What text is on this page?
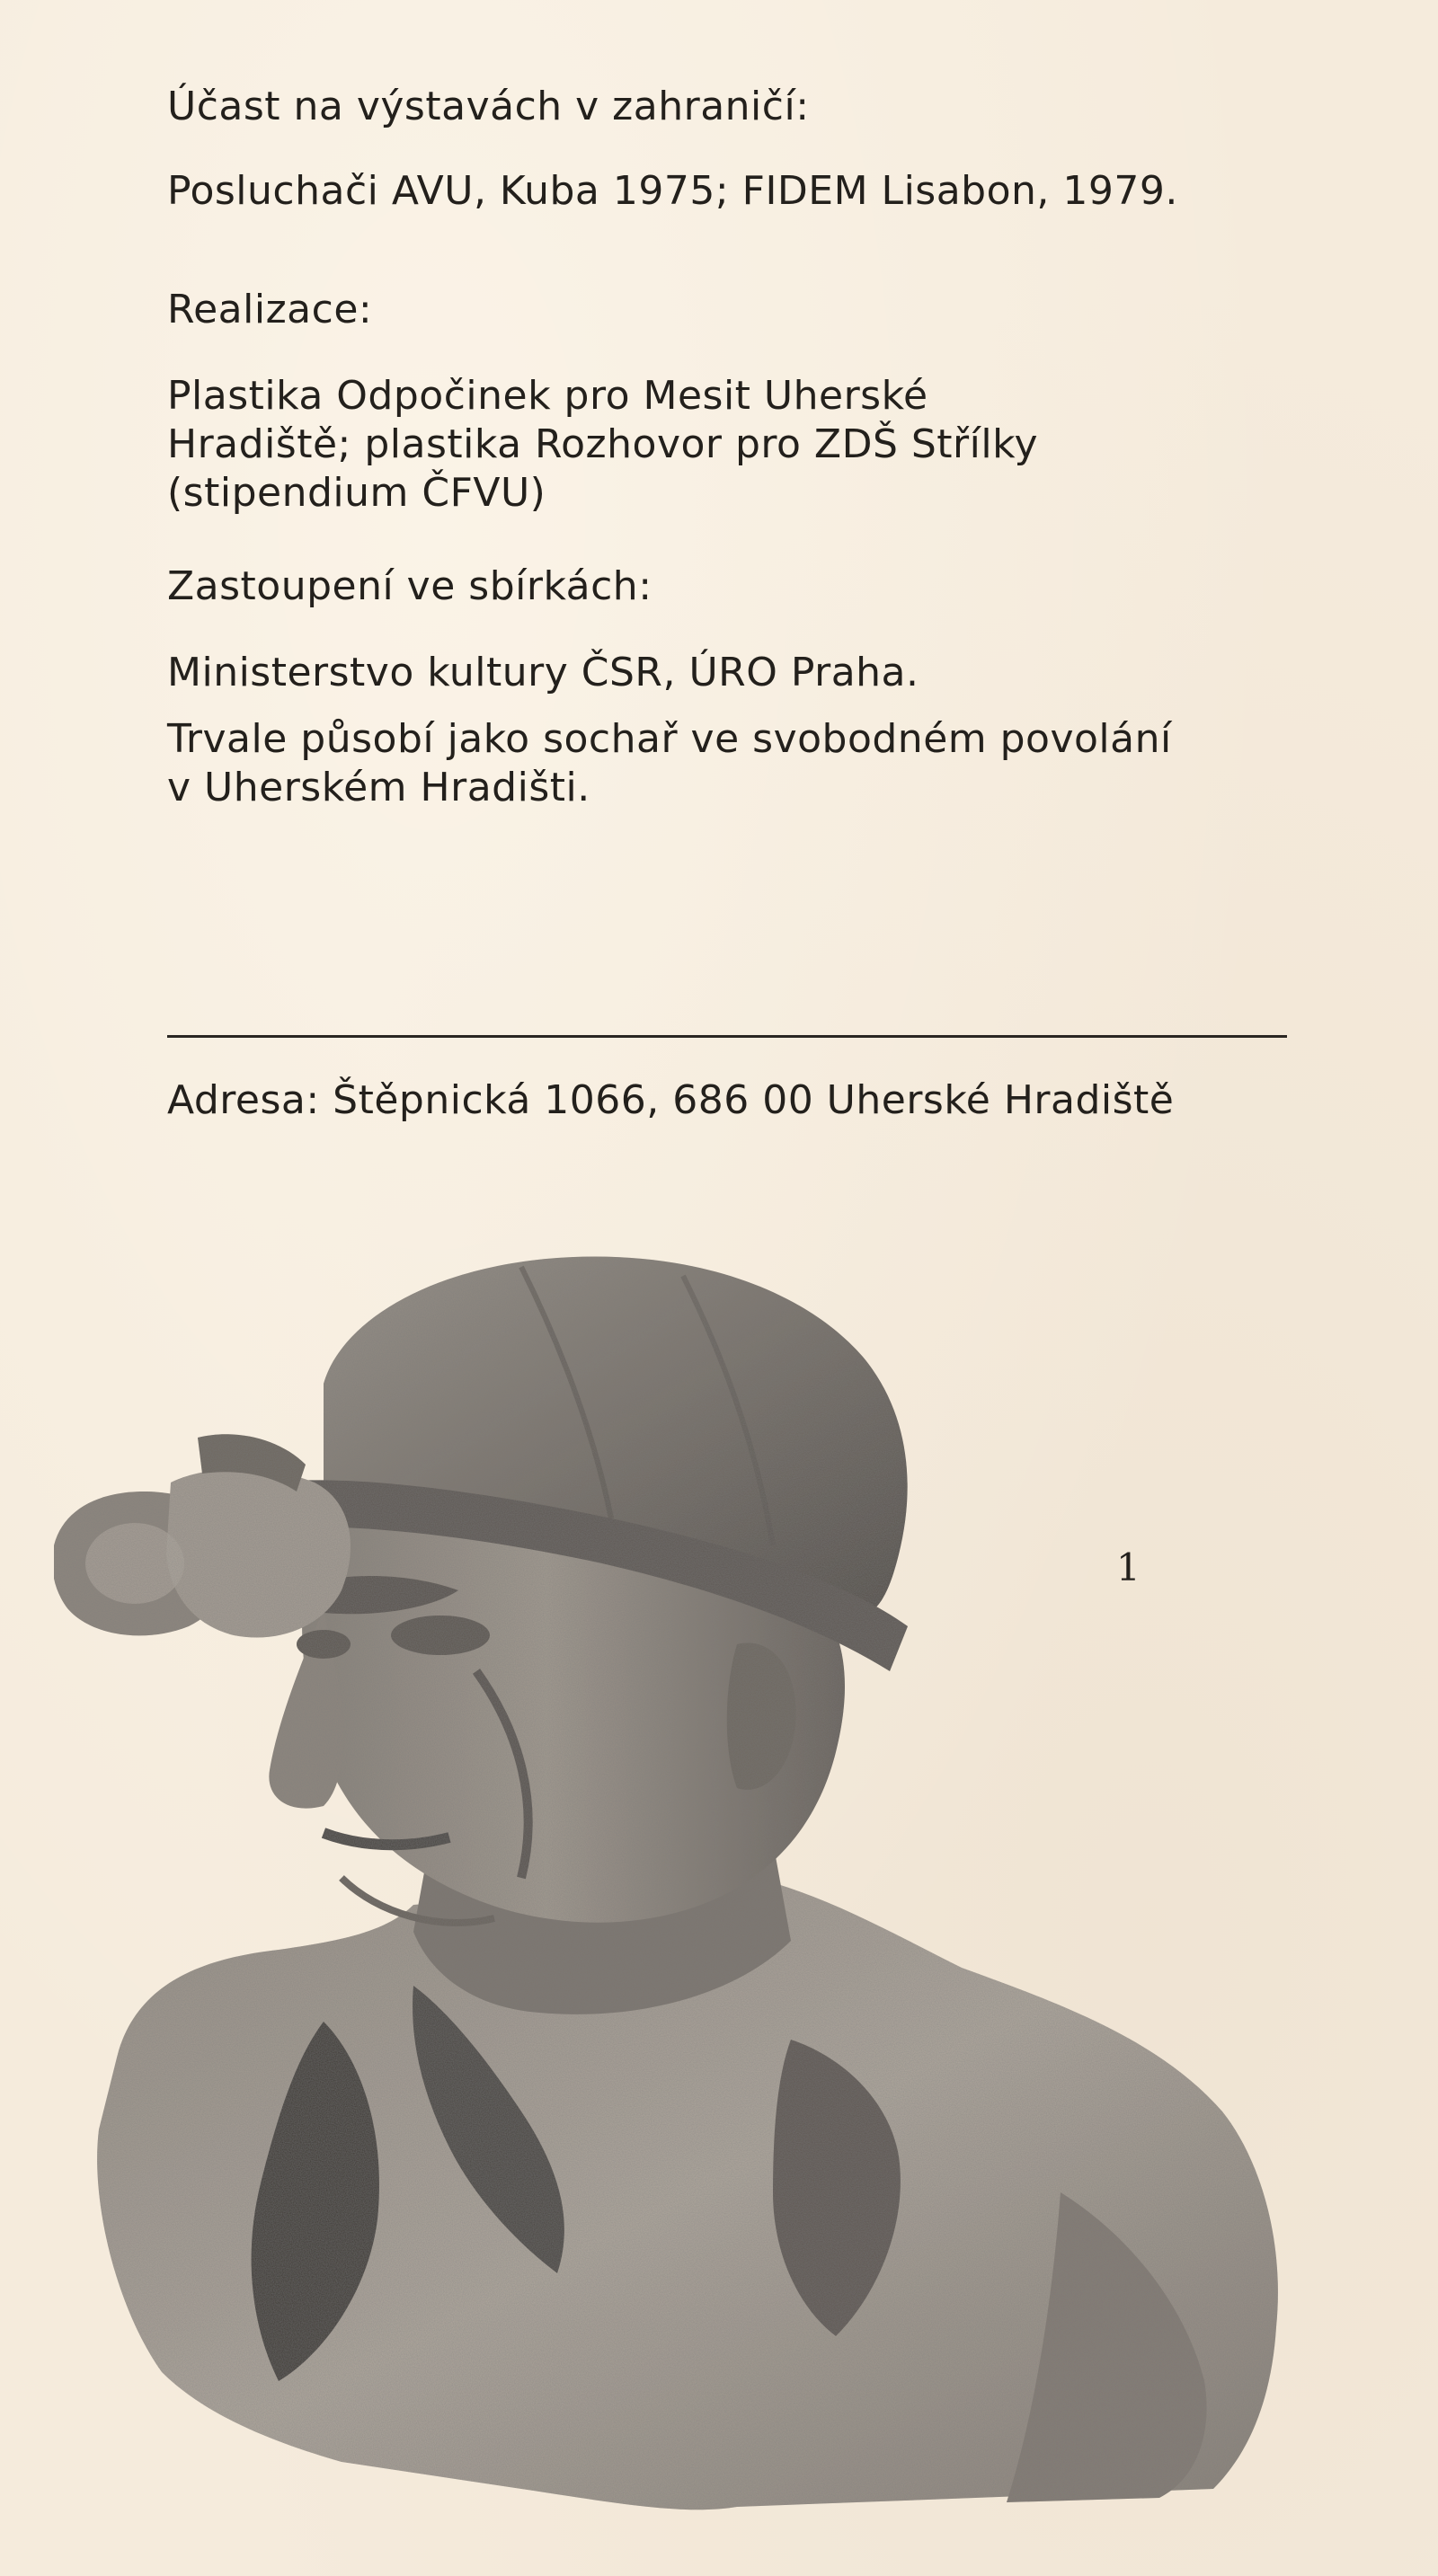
Účast na výstavách v zahraničí:

Posluchači AVU, Kuba 1975; FIDEM Lisabon, 1979.

Realizace:

Plastika Odpočinek pro Mesit Uherské
Hradiště; plastika Rozhovor pro ZDŠ Střílky
(stipendium ČFVU)

Zastoupení ve sbírkách:

Ministerstvo kultury ČSR, ÚRO Praha.

Trvale působí jako sochař ve svobodném povolání
v Uherském Hradišti.

Adresa: Štěpnická 1066, 686 00 Uherské Hradiště

1
